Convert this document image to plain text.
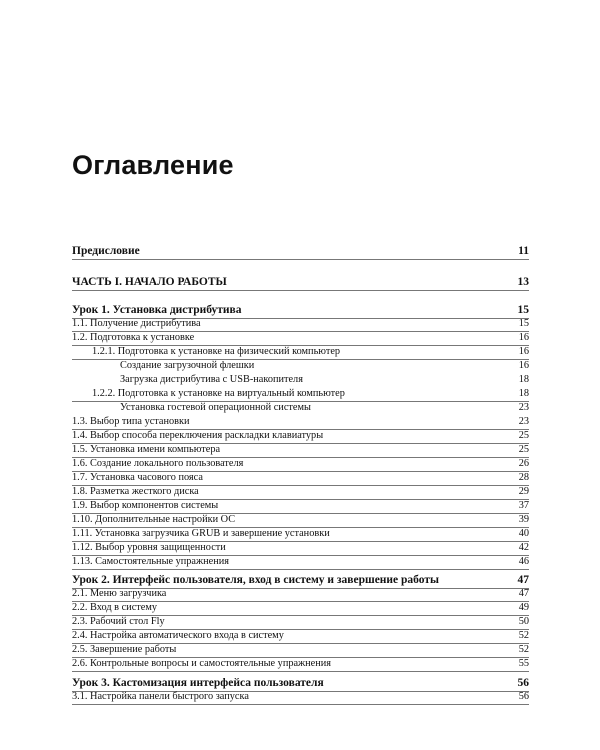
Оглавление
Предисловие	11
ЧАСТЬ I. НАЧАЛО РАБОТЫ	13
Урок 1. Установка дистрибутива	15
1.1. Получение дистрибутива	15
1.2. Подготовка к установке	16
1.2.1. Подготовка к установке на физический компьютер	16
Создание загрузочной флешки	16
Загрузка дистрибутива с USB-накопителя	18
1.2.2. Подготовка к установке на виртуальный компьютер	18
Установка гостевой операционной системы	23
1.3. Выбор типа установки	23
1.4. Выбор способа переключения раскладки клавиатуры	25
1.5. Установка имени компьютера	25
1.6. Создание локального пользователя	26
1.7. Установка часового пояса	28
1.8. Разметка жесткого диска	29
1.9. Выбор компонентов системы	37
1.10. Дополнительные настройки ОС	39
1.11. Установка загрузчика GRUB и завершение установки	40
1.12. Выбор уровня защищенности	42
1.13. Самостоятельные упражнения	46
Урок 2. Интерфейс пользователя, вход в систему и завершение работы	47
2.1. Меню загрузчика	47
2.2. Вход в систему	49
2.3. Рабочий стол Fly	50
2.4. Настройка автоматического входа в систему	52
2.5. Завершение работы	52
2.6. Контрольные вопросы и самостоятельные упражнения	55
Урок 3. Кастомизация интерфейса пользователя	56
3.1. Настройка панели быстрого запуска	56
